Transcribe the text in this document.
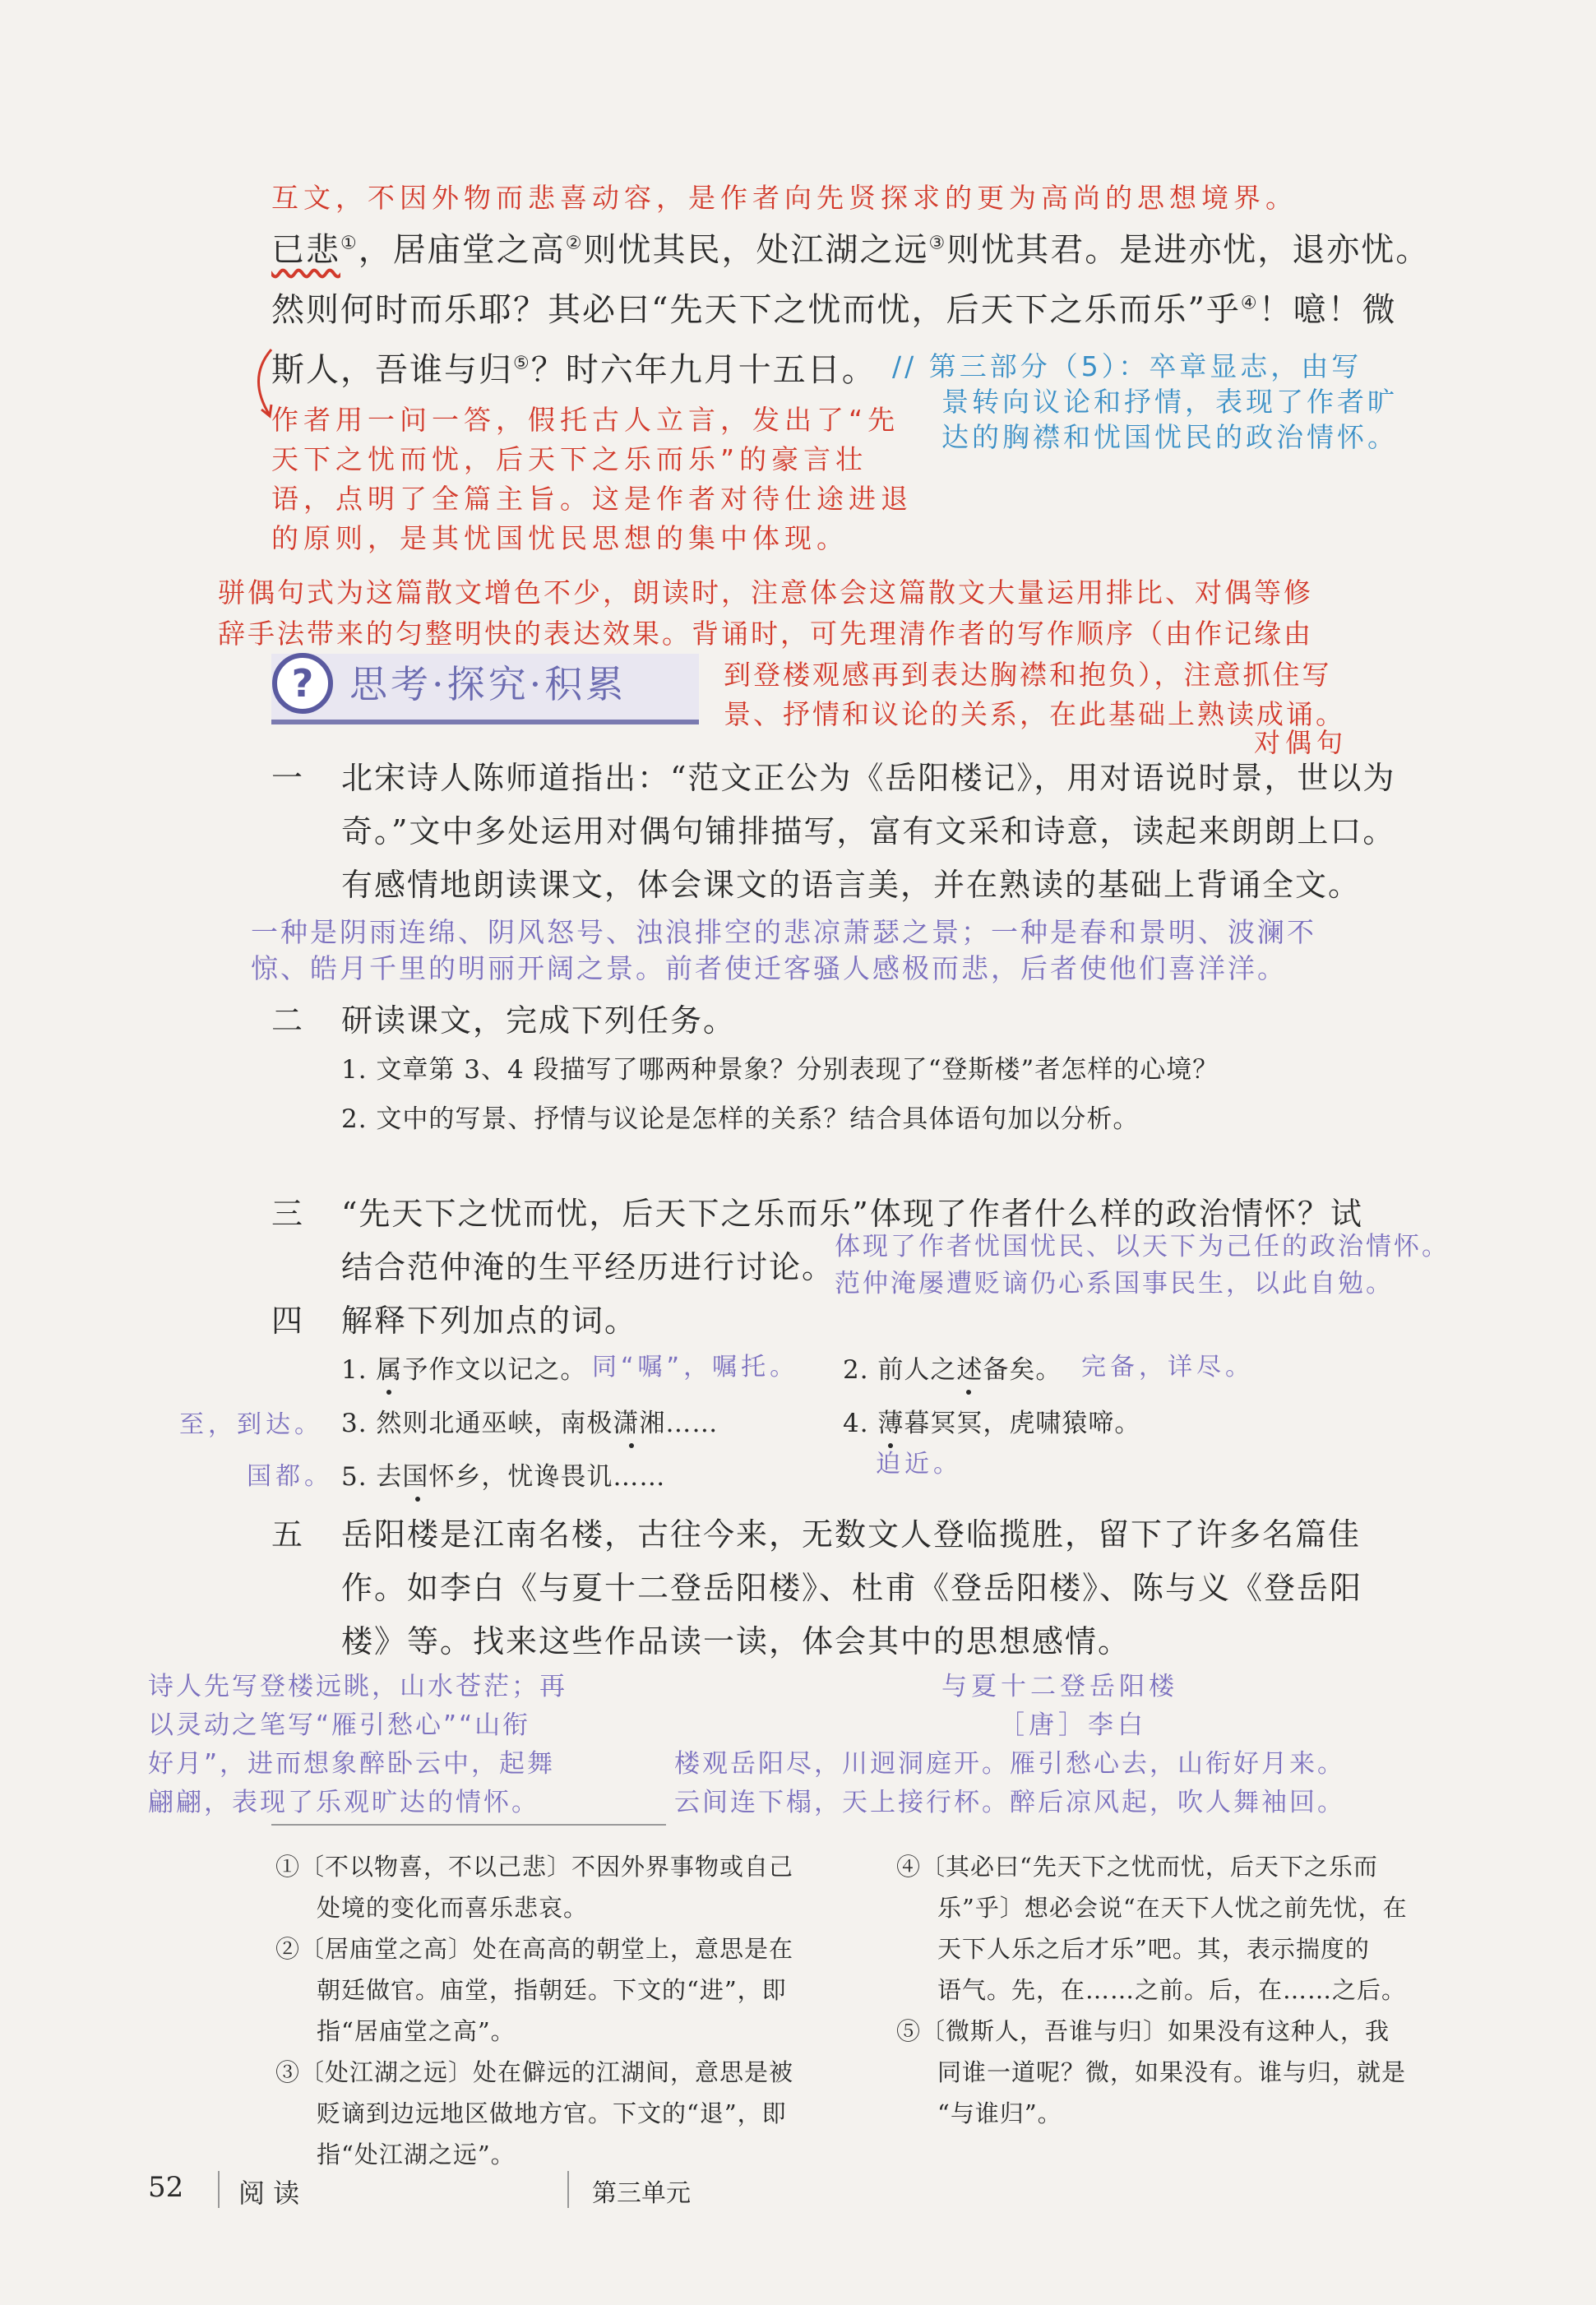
互文，不因外物而悲喜动容，是作者向先贤探求的更为高尚的思想境界。
已悲①，居庙堂之高②则忧其民，处江湖之远③则忧其君。是进亦忧，退亦忧。
然则何时而乐耶？其必曰“先天下之忧而忧，后天下之乐而乐”乎④！噫！微
斯人，吾谁与归⑤？时六年九月十五日。
作者用一问一答，假托古人立言，发出了“先
天下之忧而忧，后天下之乐而乐”的豪言壮
语，点明了全篇主旨。这是作者对待仕途进退
的原则，是其忧国忧民思想的集中体现。
// 第三部分（5）：卒章显志，由写
景转向议论和抒情，表现了作者旷
达的胸襟和忧国忧民的政治情怀。
骈偶句式为这篇散文增色不少，朗读时，注意体会这篇散文大量运用排比、对偶等修
辞手法带来的匀整明快的表达效果。背诵时，可先理清作者的写作顺序（由作记缘由
到登楼观感再到表达胸襟和抱负），注意抓住写
景、抒情和议论的关系，在此基础上熟读成诵。
? 思考·探究·积累
对偶句
一 北宋诗人陈师道指出：“范文正公为《岳阳楼记》，用对语说时景，世以为
奇。”文中多处运用对偶句铺排描写，富有文采和诗意，读起来朗朗上口。
有感情地朗读课文，体会课文的语言美，并在熟读的基础上背诵全文。
一种是阴雨连绵、阴风怒号、浊浪排空的悲凉萧瑟之景；一种是春和景明、波澜不
惊、皓月千里的明丽开阔之景。前者使迁客骚人感极而悲，后者使他们喜洋洋。
二 研读课文，完成下列任务。
1. 文章第 3、4 段描写了哪两种景象？分别表现了“登斯楼”者怎样的心境？
2. 文中的写景、抒情与议论是怎样的关系？结合具体语句加以分析。
三 “先天下之忧而忧，后天下之乐而乐”体现了作者什么样的政治情怀？试
结合范仲淹的生平经历进行讨论。
体现了作者忧国忧民、以天下为己任的政治情怀。
范仲淹屡遭贬谪仍心系国事民生，以此自勉。
四 解释下列加点的词。
1. 属予作文以记之。 同“嘱”，嘱托。 2. 前人之述备矣。 完备，详尽。
至，到达。 3. 然则北通巫峡，南极潇湘……	4. 薄暮冥冥，虎啸猿啼。
迫近。
国都。 5. 去国怀乡，忧谗畏讥……
五 岳阳楼是江南名楼，古往今来，无数文人登临揽胜，留下了许多名篇佳
作。如李白《与夏十二登岳阳楼》、杜甫《登岳阳楼》、陈与义《登岳阳
楼》等。找来这些作品读一读，体会其中的思想感情。
诗人先写登楼远眺，山水苍茫；再
以灵动之笔写“雁引愁心”“山衔
好月”，进而想象醉卧云中，起舞
翩翩，表现了乐观旷达的情怀。
与夏十二登岳阳楼
［唐］李白
楼观岳阳尽，川迥洞庭开。雁引愁心去，山衔好月来。
云间连下榻，天上接行杯。醉后凉风起，吹人舞袖回。
①〔不以物喜，不以己悲〕不因外界事物或自己
处境的变化而喜乐悲哀。
②〔居庙堂之高〕处在高高的朝堂上，意思是在
朝廷做官。庙堂，指朝廷。下文的“进”，即
指“居庙堂之高”。
③〔处江湖之远〕处在僻远的江湖间，意思是被
贬谪到边远地区做地方官。下文的“退”，即
指“处江湖之远”。
④〔其必曰“先天下之忧而忧，后天下之乐而
乐”乎〕想必会说“在天下人忧之前先忧，在
天下人乐之后才乐”吧。其，表示揣度的
语气。先，在……之前。后，在……之后。
⑤〔微斯人，吾谁与归〕如果没有这种人，我
同谁一道呢？微，如果没有。谁与归，就是
“与谁归”。
52 阅 读	第三单元
